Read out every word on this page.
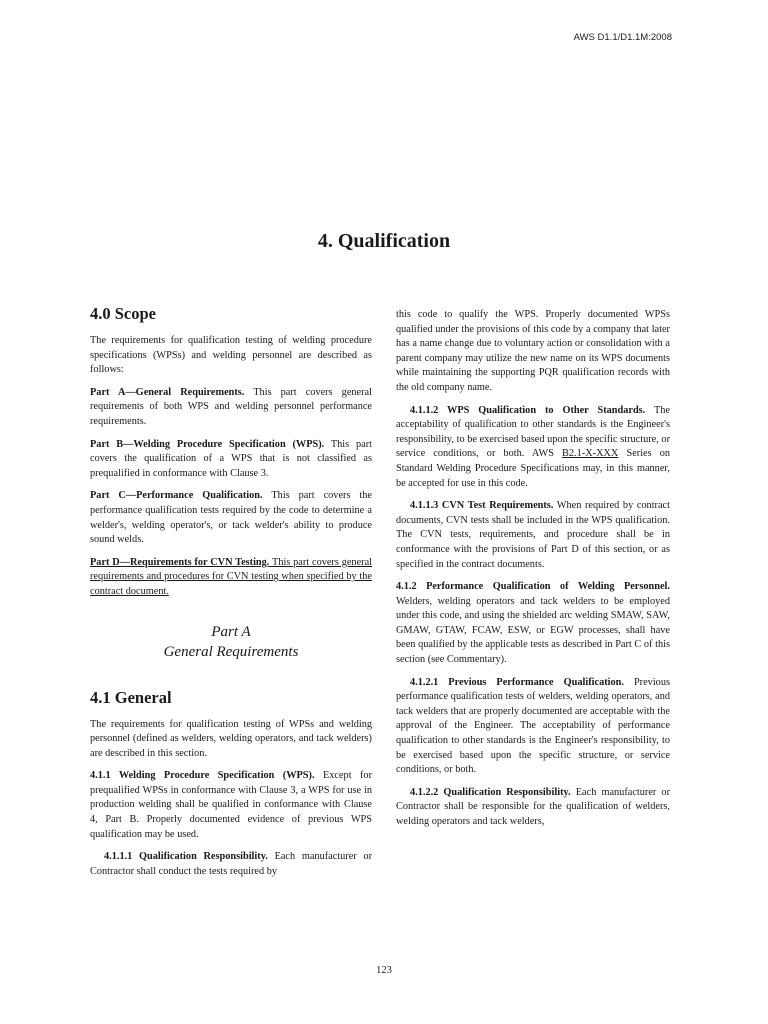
AWS D1.1/D1.1M:2008
4. Qualification
4.0 Scope

The requirements for qualification testing of welding procedure specifications (WPSs) and welding personnel are described as follows:

Part A—General Requirements. This part covers general requirements of both WPS and welding personnel performance requirements.

Part B—Welding Procedure Specification (WPS). This part covers the qualification of a WPS that is not classified as prequalified in conformance with Clause 3.

Part C—Performance Qualification. This part covers the performance qualification tests required by the code to determine a welder's, welding operator's, or tack welder's ability to produce sound welds.

Part D—Requirements for CVN Testing. This part covers general requirements and procedures for CVN testing when specified by the contract document.

Part A
General Requirements
4.1 General

The requirements for qualification testing of WPSs and welding personnel (defined as welders, welding operators, and tack welders) are described in this section.

4.1.1 Welding Procedure Specification (WPS). Except for prequalified WPSs in conformance with Clause 3, a WPS for use in production welding shall be qualified in conformance with Clause 4, Part B. Properly documented evidence of previous WPS qualification may be used.

4.1.1.1 Qualification Responsibility. Each manufacturer or Contractor shall conduct the tests required by

this code to qualify the WPS. Properly documented WPSs qualified under the provisions of this code by a company that later has a name change due to voluntary action or consolidation with a parent company may utilize the new name on its WPS documents while maintaining the supporting PQR qualification records with the old company name.

4.1.1.2 WPS Qualification to Other Standards. The acceptability of qualification to other standards is the Engineer's responsibility, to be exercised based upon the specific structure, or service conditions, or both. AWS B2.1-X-XXX Series on Standard Welding Procedure Specifications may, in this manner, be accepted for use in this code.

4.1.1.3 CVN Test Requirements. When required by contract documents, CVN tests shall be included in the WPS qualification. The CVN tests, requirements, and procedure shall be in conformance with the provisions of Part D of this section, or as specified in the contract documents.

4.1.2 Performance Qualification of Welding Personnel. Welders, welding operators and tack welders to be employed under this code, and using the shielded arc welding SMAW, SAW, GMAW, GTAW, FCAW, ESW, or EGW processes, shall have been qualified by the applicable tests as described in Part C of this section (see Commentary).

4.1.2.1 Previous Performance Qualification. Previous performance qualification tests of welders, welding operators, and tack welders that are properly documented are acceptable with the approval of the Engineer. The acceptability of performance qualification to other standards is the Engineer's responsibility, to be exercised based upon the specific structure, or service conditions, or both.

4.1.2.2 Qualification Responsibility. Each manufacturer or Contractor shall be responsible for the qualification of welders, welding operators and tack welders,

123
